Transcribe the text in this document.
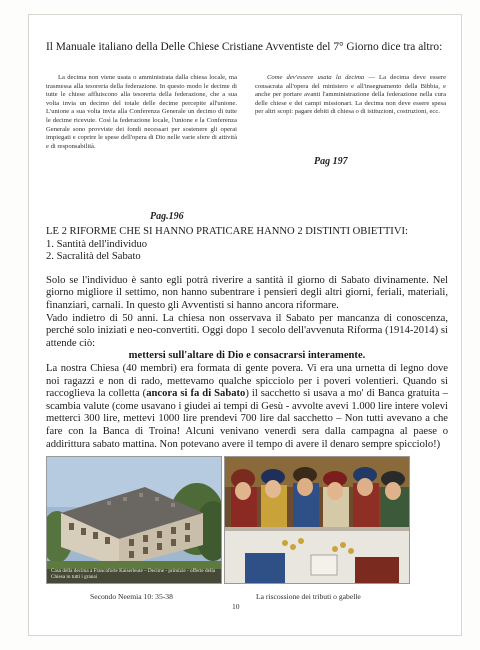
Il Manuale italiano della Delle Chiese Cristiane Avventiste del 7° Giorno dice tra altro:
La decima non viene usata o amministrata dalla chiesa locale, ma trasmessa alla tesoreria della federazione. In questo modo le decime di tutte le chiese affluiscono alla tesoreria della federazione, che a sua volta invia un decimo del totale delle decime percepite all'unione. L'unione a sua volta invia alla Conferenza Generale un decimo di tutte le decime ricevute. Così la federazione locale, l'unione e la Conferenza Generale sono provviste dei fondi necessari per sostenere gli operai impiegati e coprire le spese dell'opera di Dio nelle varie sfere di attività e di responsabilità.
Come dev'essere usata la decima — La decima deve essere consacrata all'opera del ministero e all'insegnamento della Bibbia, e anche per portare avanti l'amministrazione della federazione nella cura delle chiese e dei campi missionari. La decima non deve essere spesa per altri scopi: pagare debiti di chiesa o di istituzioni, costruzioni, ecc.
Pag 197
Pag.196

LE 2 RIFORME CHE SI HANNO PRATICARE HANNO 2 DISTINTI OBIETTIVI:

1. Santità dell'individuo

2. Sacralità del Sabato

Solo se l'individuo è santo egli potrà riverire a santità il giorno di Sabato divinamente. Nel giorno migliore il settimo, non hanno subentrare i pensieri degli altri giorni, feriali, materiali, finanziari, carnali. In questo gli Avventisti si hanno ancora riformare.

Vado indietro di 50 anni. La chiesa non osservava il Sabato per mancanza di conoscenza, perché solo iniziati e neo-convertiti. Oggi dopo 1 secolo dell'avvenuta Riforma (1914-2014) si attende ciò:

mettersi sull'altare di Dio e consacrarsi interamente.

La nostra Chiesa (40 membri) era formata di gente povera. Vi era una urnetta di legno dove noi ragazzi e non di rado, mettevamo qualche spicciolo per i poveri volentieri. Quando si raccoglieva la colletta (ancora si fa di Sabato) il sacchetto si usava a mo' di Banca gratuita – scambia valute (come usavano i giudei ai tempi di Gesù - avvolte avevi 1.000 lire intere volevi mettercì 300 lire, mettevi 1000 lire prendevi 700 lire dal sacchetto – Non tutti avevano a che fare con la Banca di Troina! Alcuni venivano venerdì sera dalla campagna al paese o addirittura sabato mattina. Non potevano avere il tempo di avere il denaro sempre spicciolo!)

Casa della decima a Francoforte Kaiserleute – Decime - primizie - offerte della Chiesa in tutti i granai
Secondo Neemia 10: 35-38	La riscossione dei tributi o gabelle
10
